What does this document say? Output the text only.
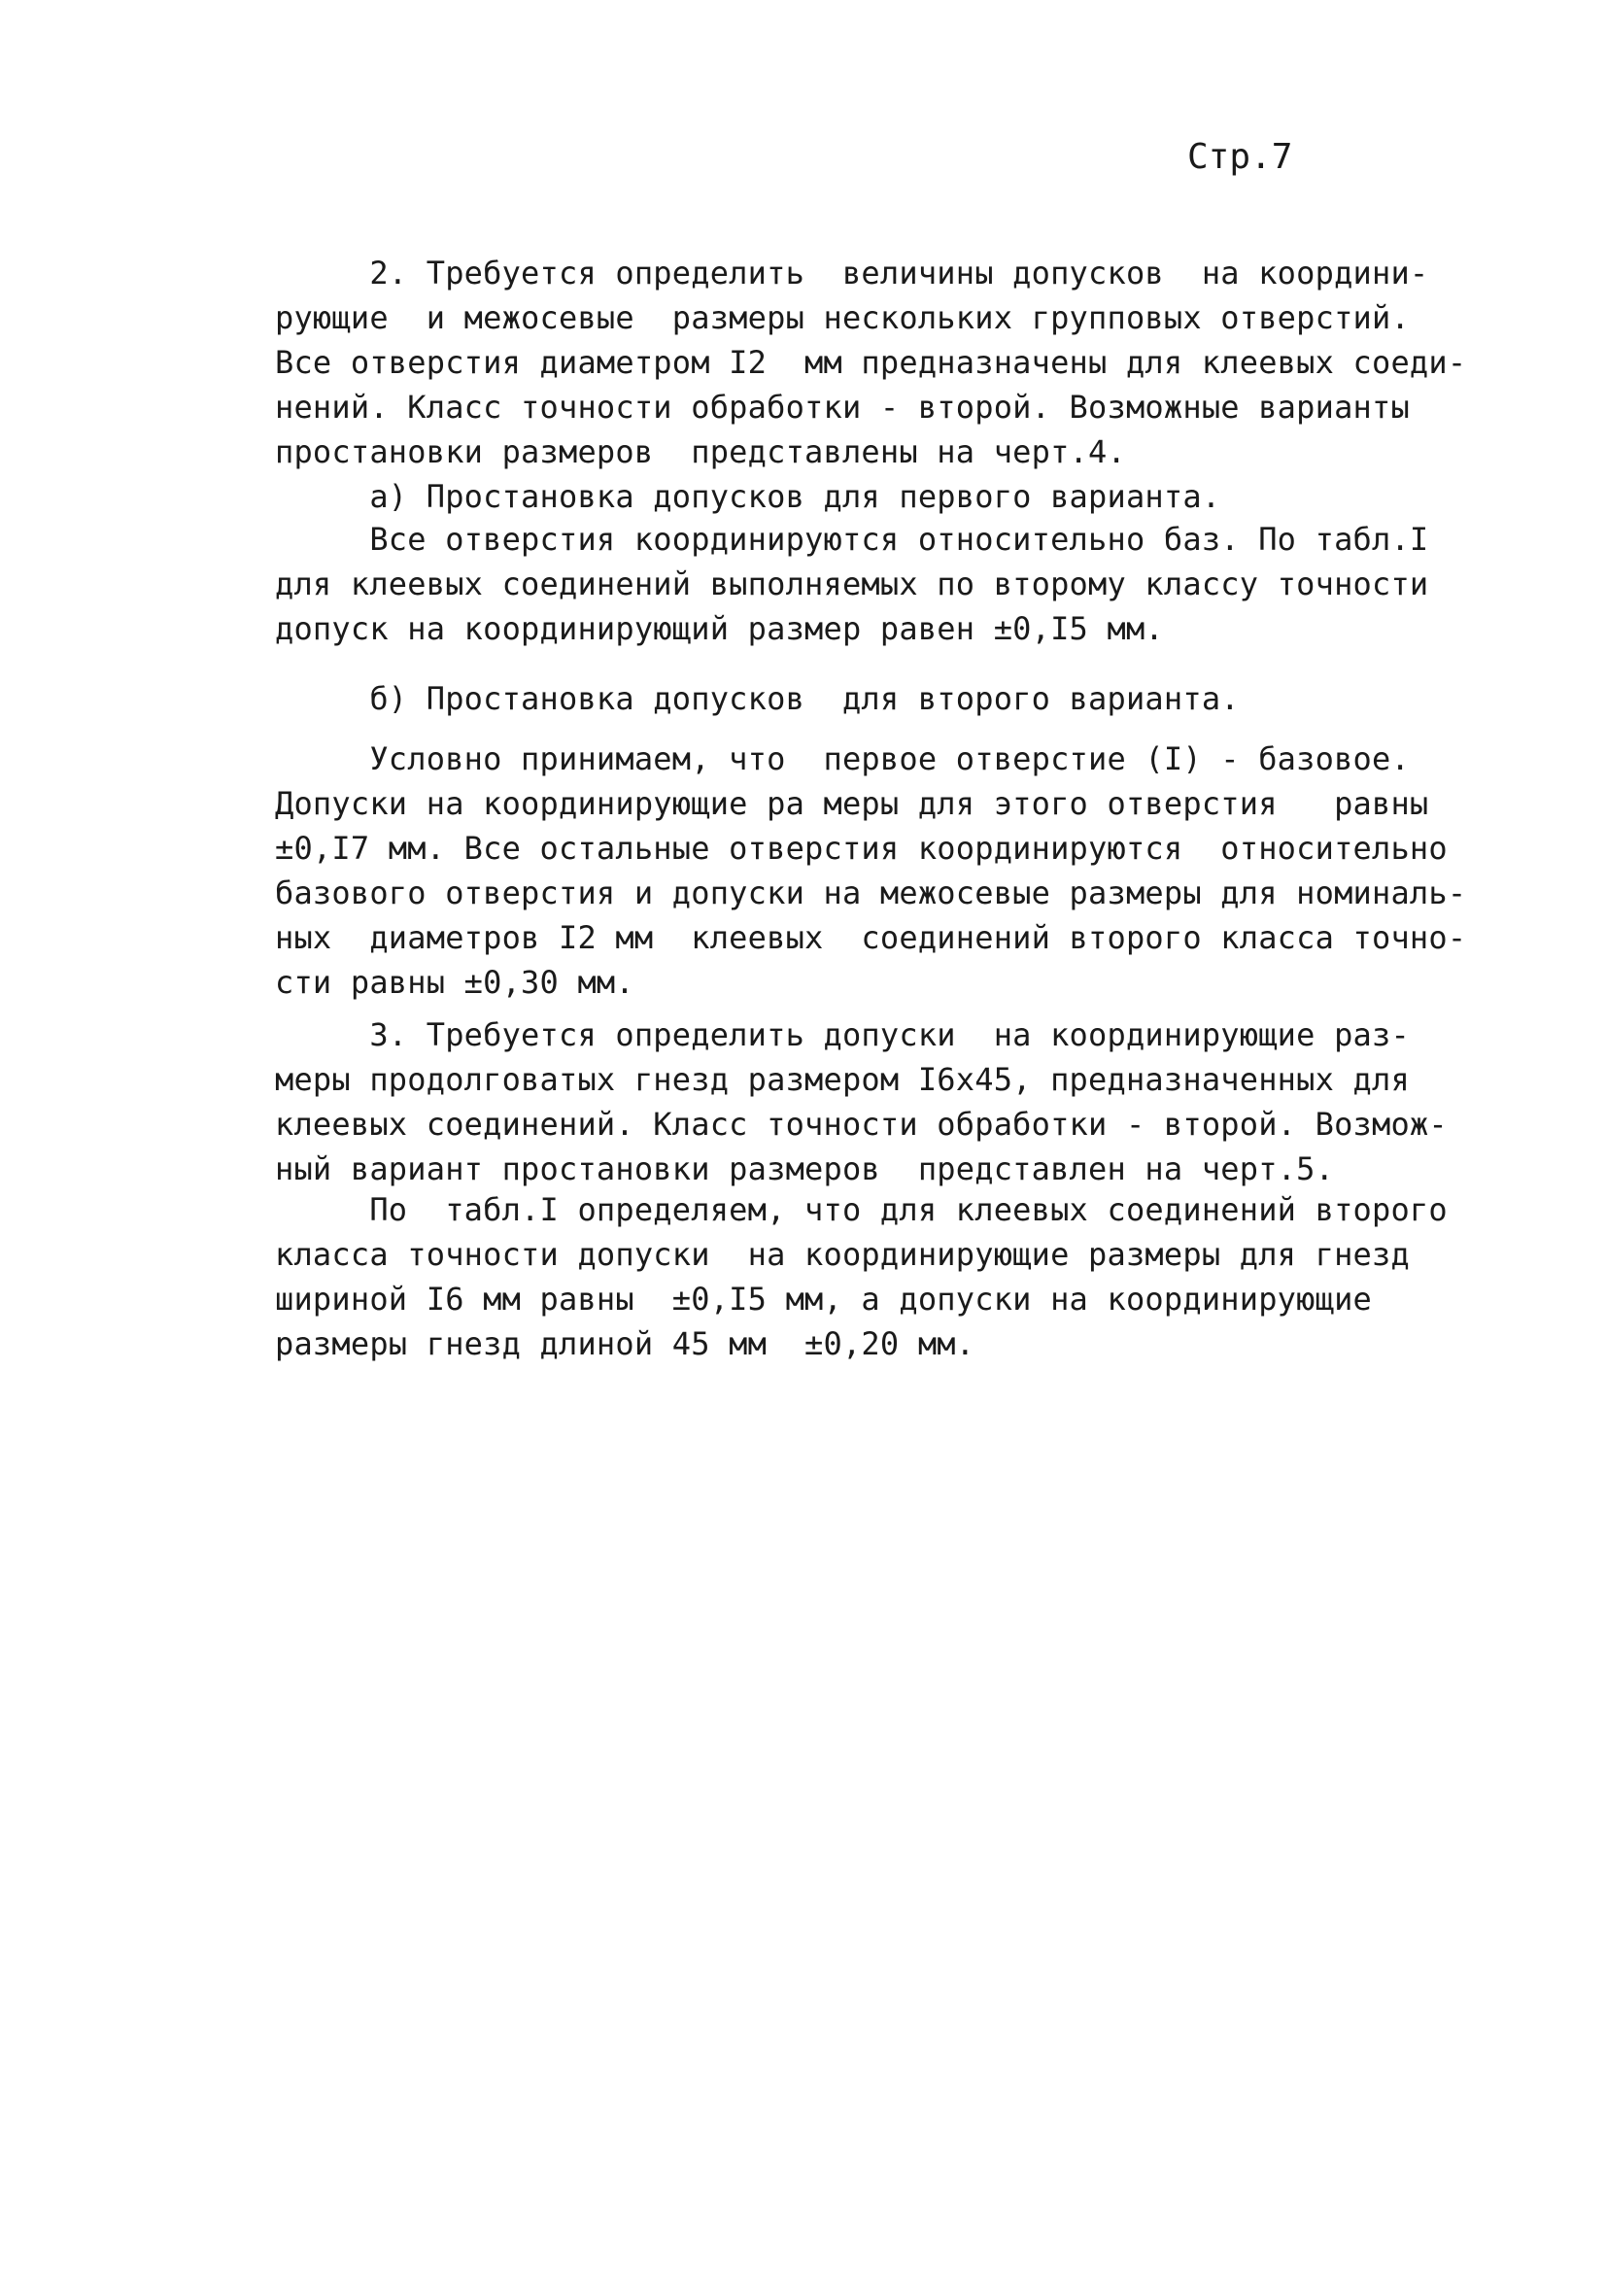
Стр.7
2. Требуется определить  величины допусков  на координи-
рующие  и межосевые  размеры нескольких групповых отверстий.
Все отверстия диаметром I2  мм предназначены для клеевых соеди-
нений. Класс точности обработки - второй. Возможные варианты
простановки размеров  представлены на черт.4.
а) Простановка допусков для первого варианта.
Все отверстия координируются относительно баз. По табл.I
для клеевых соединений выполняемых по второму классу точности
допуск на координирующий размер равен ±0,I5 мм.
б) Простановка допусков  для второго варианта.
Условно принимаем, что  первое отверстие (I) - базовое.
Допуски на координирующие ра меры для этого отверстия   равны
±0,I7 мм. Все остальные отверстия координируются  относительно
базового отверстия и допуски на межосевые размеры для номиналь-
ных  диаметров I2 мм  клеевых  соединений второго класса точно-
сти равны ±0,30 мм.
3. Требуется определить допуски  на координирующие раз-
меры продолговатых гнезд размером I6х45, предназначенных для
клеевых соединений. Класс точности обработки - второй. Возмож-
ный вариант простановки размеров  представлен на черт.5.
По  табл.I определяем, что для клеевых соединений второго
класса точности допуски  на координирующие размеры для гнезд
шириной I6 мм равны  ±0,I5 мм, а допуски на координирующие
размеры гнезд длиной 45 мм  ±0,20 мм.
